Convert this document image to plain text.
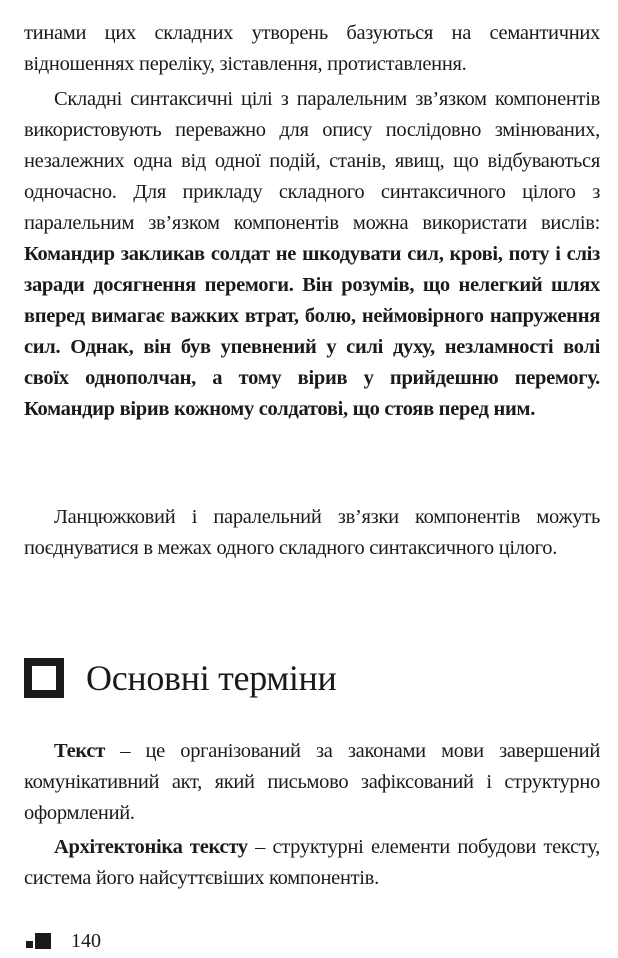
тинами цих складних утворень базуються на семантичних відношеннях переліку, зіставлення, протиставлення.

Складні синтаксичні цілі з паралельним зв’язком компонентів використовують переважно для опису послідовно змінюваних, незалежних одна від одної подій, станів, явищ, що відбуваються одночасно. Для прикладу складного синтаксичного цілого з паралельним зв’язком компонентів можна використати вислів: Командир закликав солдат не шкодувати сил, крові, поту і сліз заради досягнення перемоги. Він розумів, що нелегкий шлях вперед вимагає важких втрат, болю, неймовірного напруження сил. Однак, він був упевнений у силі духу, незламності волі своїх однополчан, а тому вірив у прийдешню перемогу. Командир вірив кожному солдатові, що стояв перед ним.

Ланцюжковий і паралельний зв’язки компонентів можуть поєднуватися в межах одного складного синтаксичного цілого.

Основні терміни

Текст – це організований за законами мови завершений комунікативний акт, який письмово зафіксований і структурно оформлений.

Архітектоніка тексту – структурні елементи побудови тексту, система його найсуттєвіших компонентів.

140
